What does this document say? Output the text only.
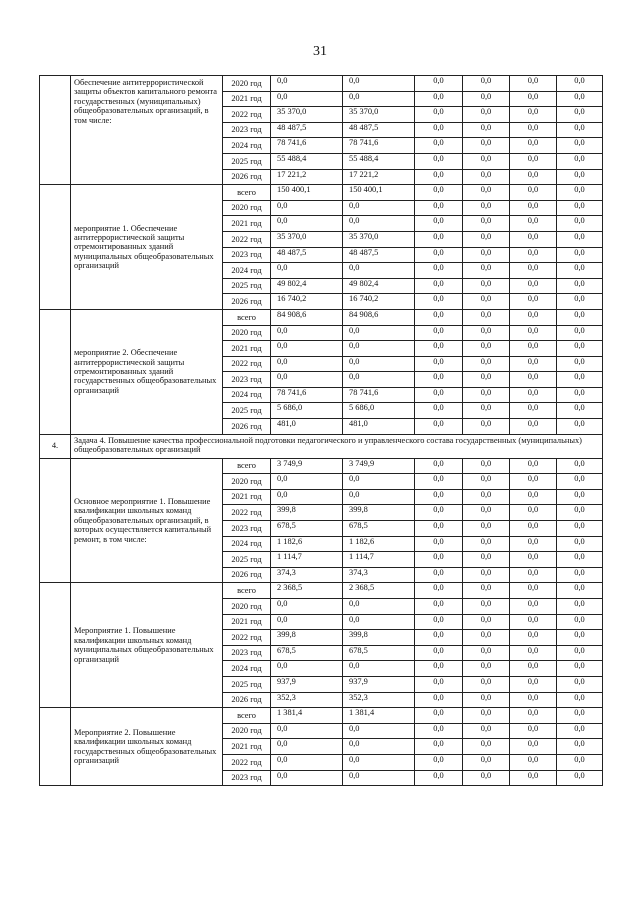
31
	Обеспечение антитеррористической защиты объектов капитального ремонта государственных (муниципальных) общеобразовательных организаций, в том числе:	2020 год	0,0	0,0	0,0	0,0	0,0	0,0
		2021 год	0,0	0,0	0,0	0,0	0,0	0,0
		2022 год	35 370,0	35 370,0	0,0	0,0	0,0	0,0
		2023 год	48 487,5	48 487,5	0,0	0,0	0,0	0,0
		2024 год	78 741,6	78 741,6	0,0	0,0	0,0	0,0
		2025 год	55 488,4	55 488,4	0,0	0,0	0,0	0,0
		2026 год	17 221,2	17 221,2	0,0	0,0	0,0	0,0
	мероприятие 1. Обеспечение антитеррористической защиты отремонтированных зданий муниципальных общеобразовательных организаций	всего	150 400,1	150 400,1	0,0	0,0	0,0	0,0
		2020 год	0,0	0,0	0,0	0,0	0,0	0,0
		2021 год	0,0	0,0	0,0	0,0	0,0	0,0
		2022 год	35 370,0	35 370,0	0,0	0,0	0,0	0,0
		2023 год	48 487,5	48 487,5	0,0	0,0	0,0	0,0
		2024 год	0,0	0,0	0,0	0,0	0,0	0,0
		2025 год	49 802,4	49 802,4	0,0	0,0	0,0	0,0
		2026 год	16 740,2	16 740,2	0,0	0,0	0,0	0,0
	мероприятие 2. Обеспечение антитеррористической защиты отремонтированных зданий государственных общеобразовательных организаций	всего	84 908,6	84 908,6	0,0	0,0	0,0	0,0
		2020 год	0,0	0,0	0,0	0,0	0,0	0,0
		2021 год	0,0	0,0	0,0	0,0	0,0	0,0
		2022 год	0,0	0,0	0,0	0,0	0,0	0,0
		2023 год	0,0	0,0	0,0	0,0	0,0	0,0
		2024 год	78 741,6	78 741,6	0,0	0,0	0,0	0,0
		2025 год	5 686,0	5 686,0	0,0	0,0	0,0	0,0
		2026 год	481,0	481,0	0,0	0,0	0,0	0,0
4.	Задача 4. Повышение качества профессиональной подготовки педагогического и управленческого состава государственных (муниципальных) общеобразовательных организаций							
	Основное мероприятие 1. Повышение квалификации школьных команд общеобразовательных организаций, в которых осуществляется капитальный ремонт, в том числе:	всего	3 749,9	3 749,9	0,0	0,0	0,0	0,0
		2020 год	0,0	0,0	0,0	0,0	0,0	0,0
		2021 год	0,0	0,0	0,0	0,0	0,0	0,0
		2022 год	399,8	399,8	0,0	0,0	0,0	0,0
		2023 год	678,5	678,5	0,0	0,0	0,0	0,0
		2024 год	1 182,6	1 182,6	0,0	0,0	0,0	0,0
		2025 год	1 114,7	1 114,7	0,0	0,0	0,0	0,0
		2026 год	374,3	374,3	0,0	0,0	0,0	0,0
	Мероприятие 1. Повышение квалификации школьных команд муниципальных общеобразовательных организаций	всего	2 368,5	2 368,5	0,0	0,0	0,0	0,0
		2020 год	0,0	0,0	0,0	0,0	0,0	0,0
		2021 год	0,0	0,0	0,0	0,0	0,0	0,0
		2022 год	399,8	399,8	0,0	0,0	0,0	0,0
		2023 год	678,5	678,5	0,0	0,0	0,0	0,0
		2024 год	0,0	0,0	0,0	0,0	0,0	0,0
		2025 год	937,9	937,9	0,0	0,0	0,0	0,0
		2026 год	352,3	352,3	0,0	0,0	0,0	0,0
	Мероприятие 2. Повышение квалификации школьных команд государственных общеобразовательных организаций	всего	1 381,4	1 381,4	0,0	0,0	0,0	0,0
		2020 год	0,0	0,0	0,0	0,0	0,0	0,0
		2021 год	0,0	0,0	0,0	0,0	0,0	0,0
		2022 год	0,0	0,0	0,0	0,0	0,0	0,0
		2023 год	0,0	0,0	0,0	0,0	0,0	0,0
